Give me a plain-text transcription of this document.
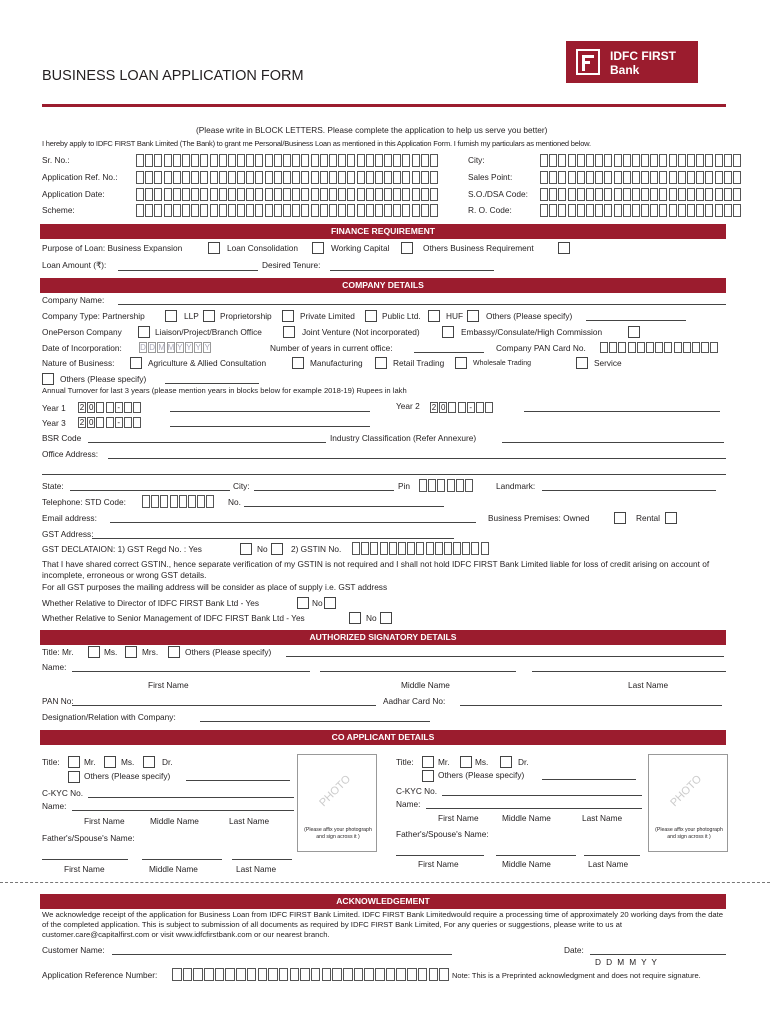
BUSINESS LOAN APPLICATION FORM
IDFC FIRST
Bank
(Please write in BLOCK LETTERS. Please complete the application to help us serve you better)
I hereby apply to IDFC FIRST Bank Limited (The Bank) to grant me Personal/Business Loan as mentioned in this Application Form. I furnish my particulars as mentioned below.
Sr. No.:
Application Ref. No.:
Application Date:
Scheme:
City:
Sales Point:
S.O./DSA Code:
R. O. Code:
FINANCE REQUIREMENT
Purpose of Loan: Business Expansion	Loan Consolidation	Working Capital	Others Business Requirement
Loan Amount (₹):	Desired Tenure:
COMPANY DETAILS
Company Name:
Company Type: Partnership	LLP	Proprietorship	Private Limited	Public Ltd.	HUF	Others (Please specify)
OnePerson Company	Liaison/Project/Branch Office	Joint Venture (Not incorporated)	Embassy/Consulate/High Commission
Date of Incorporation: D D M M Y Y Y Y	Number of years in current office:	Company PAN Card No.
Nature of Business:	Agriculture & Allied Consultation	Manufacturing	Retail Trading	Wholesale Trading	Service
Others (Please specify)
Annual Turnover for last 3 years (please mention years in blocks below for example 2018-19) Rupees in lakh
Year 1 2 0	-	Year 2 2 0	-
Year 3 2 0	-
BSR Code	Industry Classification (Refer Annexure)
Office Address:
State:	City:	Pin	Landmark:
Telephone: STD Code:	No.
Email address:	Business Premises: Owned	Rental
GST Address:
GST DECLATAION: 1) GST Regd No. : Yes	No	2) GSTIN No.
That I have shared correct GSTIN., hence separate verification of my GSTIN is not required and I shall not hold IDFC FIRST Bank Limited liable for loss of credit arising on account of incomplete, erroneous or wrong GST details.
For all GST purposes the mailing address will be consider as place of supply i.e. GST address
Whether Relative to Director of IDFC FIRST Bank Ltd - Yes	No
Whether Relative to Senior Management of IDFC FIRST Bank Ltd - Yes	No
AUTHORIZED SIGNATORY DETAILS
Title: Mr.	Ms.	Mrs.	Others (Please specify)
Name:
First Name	Middle Name	Last Name
PAN No:	Aadhar Card No:
Designation/Relation with Company:
CO APPLICANT DETAILS
Title:	Mr.	Ms.	Dr.
Others (Please specify)
C-KYC No.
Name:
First Name	Middle Name	Last Name
Father's/Spouse's Name:
First Name	Middle Name	Last Name
PHOTO
(Please affix your photograph and sign across it )
Title:	Mr.	Ms.	Dr.
Others (Please specify)
C-KYC No.
Name:
First Name	Middle Name	Last Name
Father's/Spouse's Name:
First Name	Middle Name	Last Name
PHOTO
(Please affix your photograph and sign across it )
ACKNOWLEDGEMENT
We acknowledge receipt of the application for Business Loan from IDFC FIRST Bank Limited. IDFC FIRST Bank Limitedwould require a processing time of approximately 20 working days from the date of the completed application. This is subject to submission of all documents as required by IDFC FIRST Bank Limited, For any queries or suggestions, please write to us at customer.care@capitalfirst.com or visit www.idfcfirstbank.com or our nearest branch.
Customer Name:	Date:
D D M M Y Y
Application Reference Number:	Note: This is a Preprinted acknowledgment and does not require signature.
